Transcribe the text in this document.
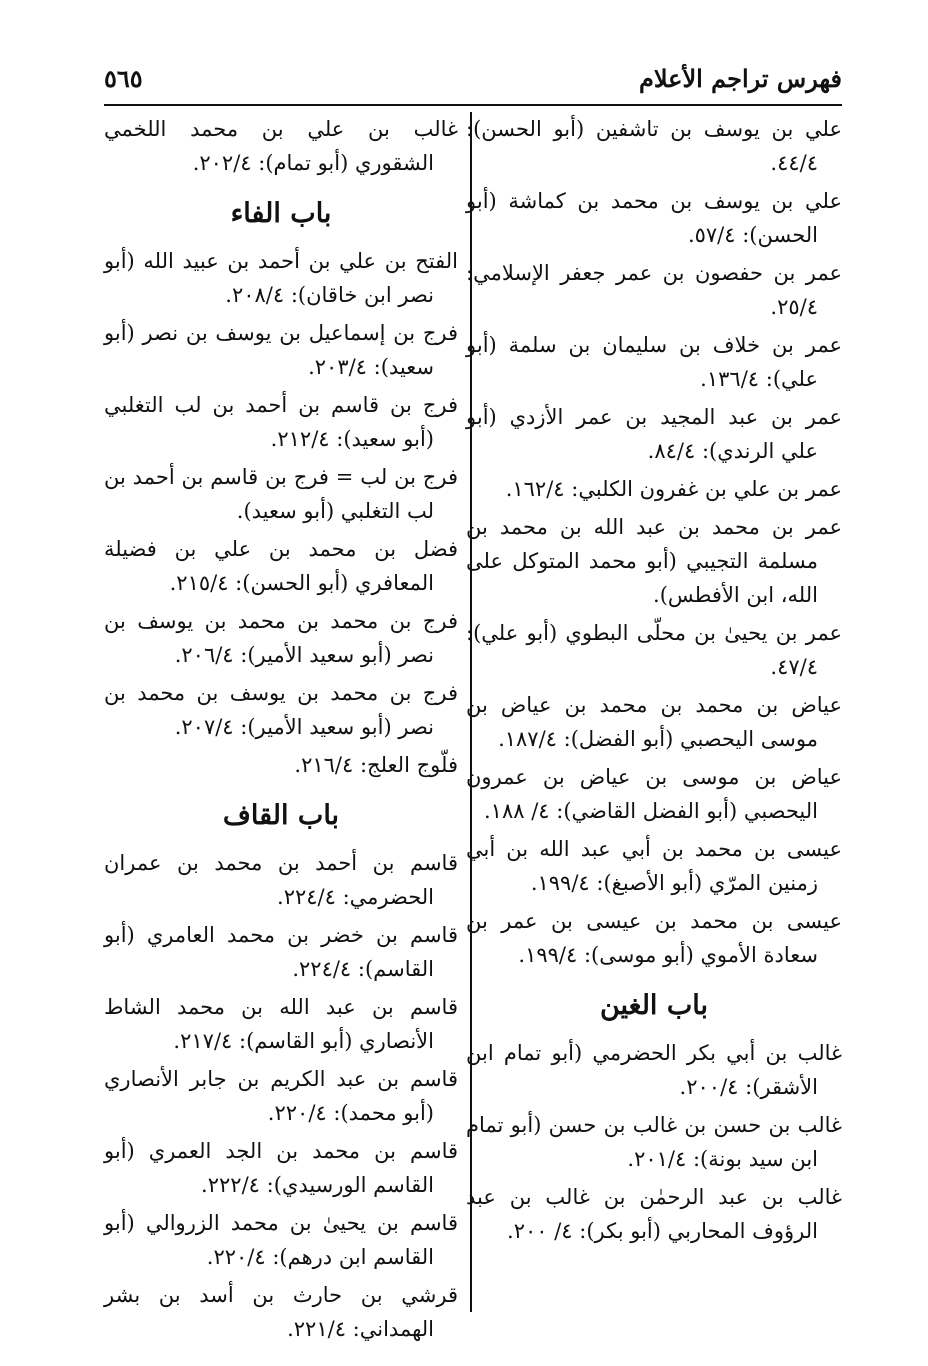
فهرس تراجم الأعلام
٥٦٥

علي بن يوسف بن تاشفين (أبو الحسن): ٤٤/٤.

علي بن يوسف بن محمد بن كماشة (أبو الحسن): ٥٧/٤.

عمر بن حفصون بن عمر جعفر الإسلامي: ٢٥/٤.

عمر بن خلاف بن سليمان بن سلمة (أبو علي): ١٣٦/٤.

عمر بن عبد المجيد بن عمر الأزدي (أبو علي الرندي): ٨٤/٤.

عمر بن علي بن غفرون الكلبي: ١٦٢/٤.

عمر بن محمد بن عبد الله بن محمد بن مسلمة التجيبي (أبو محمد المتوكل على الله، ابن الأفطس).

عمر بن يحيىٰ بن محلّى البطوي (أبو علي): ٤٧/٤.

عياض بن محمد بن محمد بن عياض بن موسى اليحصبي (أبو الفضل): ١٨٧/٤.

عياض بن موسى بن عياض بن عمرون اليحصبي (أبو الفضل القاضي): ٤/ ١٨٨.

عيسى بن محمد بن أبي عبد الله بن أبي زمنين المرّي (أبو الأصبغ): ١٩٩/٤.

عيسى بن محمد بن عيسى بن عمر بن سعادة الأموي (أبو موسى): ١٩٩/٤.

باب الغين

غالب بن أبي بكر الحضرمي (أبو تمام ابن الأشقر): ٢٠٠/٤.

غالب بن حسن بن غالب بن حسن (أبو تمام ابن سيد بونة): ٢٠١/٤.

غالب بن عبد الرحمٰن بن غالب بن عبد الرؤوف المحاربي (أبو بكر): ٤/ ٢٠٠.

غالب بن علي بن محمد اللخمي الشقوري (أبو تمام): ٢٠٢/٤.

باب الفاء

الفتح بن علي بن أحمد بن عبيد الله (أبو نصر ابن خاقان): ٢٠٨/٤.

فرج بن إسماعيل بن يوسف بن نصر (أبو سعيد): ٢٠٣/٤.

فرج بن قاسم بن أحمد بن لب التغلبي (أبو سعيد): ٢١٢/٤.

فرج بن لب = فرج بن قاسم بن أحمد بن لب التغلبي (أبو سعيد).

فضل بن محمد بن علي بن فضيلة المعافري (أبو الحسن): ٢١٥/٤.

فرج بن محمد بن محمد بن يوسف بن نصر (أبو سعيد الأمير): ٢٠٦/٤.

فرج بن محمد بن يوسف بن محمد بن نصر (أبو سعيد الأمير): ٢٠٧/٤.

فلّوج العلج: ٢١٦/٤.

باب القاف

قاسم بن أحمد بن محمد بن عمران الحضرمي: ٢٢٤/٤.

قاسم بن خضر بن محمد العامري (أبو القاسم): ٢٢٤/٤.

قاسم بن عبد الله بن محمد الشاط الأنصاري (أبو القاسم): ٢١٧/٤.

قاسم بن عبد الكريم بن جابر الأنصاري (أبو محمد): ٢٢٠/٤.

قاسم بن محمد بن الجد العمري (أبو القاسم الورسيدي): ٢٢٢/٤.

قاسم بن يحيىٰ بن محمد الزروالي (أبو القاسم ابن درهم): ٢٢٠/٤.

قرشي بن حارث بن أسد بن بشر الهمداني: ٢٢١/٤.
